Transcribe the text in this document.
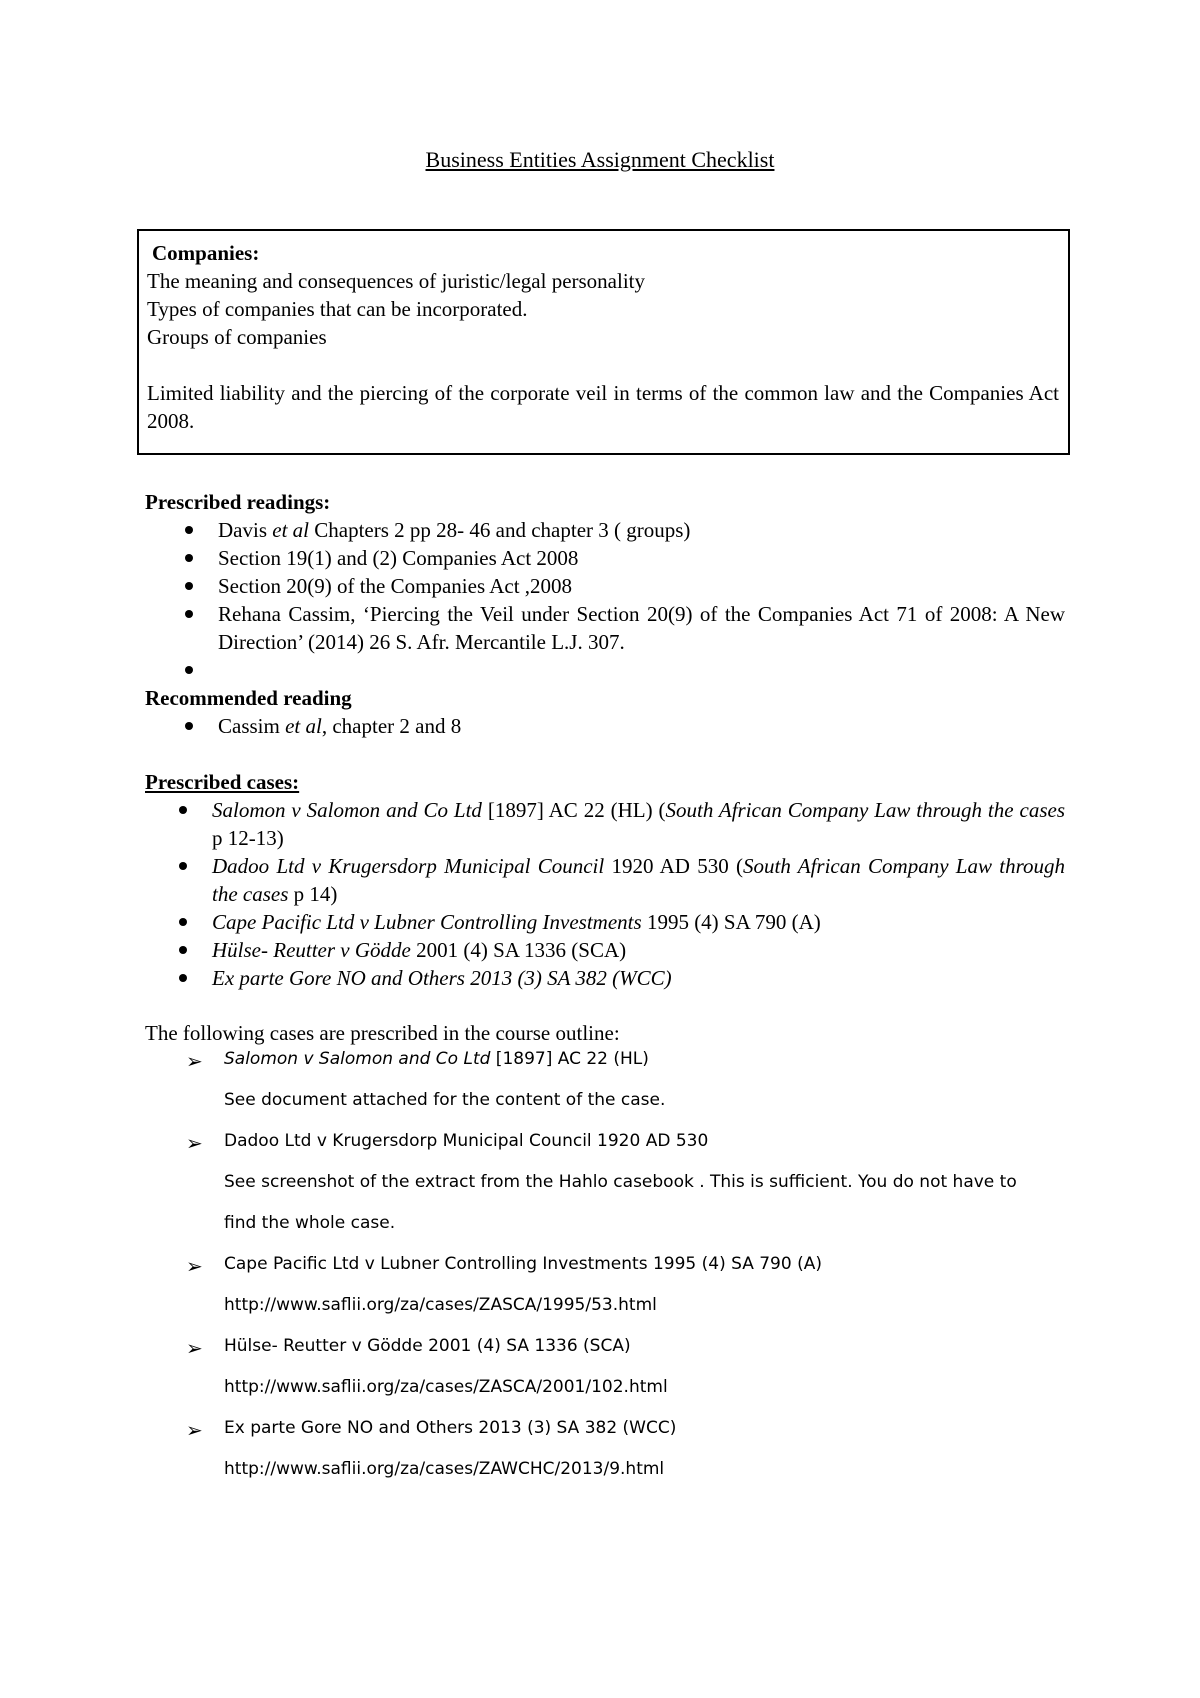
Business Entities Assignment Checklist
Companies:
The meaning and consequences of juristic/legal personality
Types of companies that can be incorporated.
Groups of companies
Limited liability and the piercing of the corporate veil in terms of the common law and the Companies Act 2008.
Prescribed readings:
Davis et al Chapters 2 pp 28- 46 and chapter 3 ( groups)
Section 19(1) and (2) Companies Act 2008
Section 20(9) of the Companies Act ,2008
Rehana Cassim, ‘Piercing the Veil under Section 20(9) of the Companies Act 71 of 2008: A New Direction’ (2014) 26 S. Afr. Mercantile L.J. 307.

Recommended reading
Cassim et al, chapter 2 and 8
Prescribed cases:
Salomon v Salomon and Co Ltd [1897] AC 22 (HL) (South African Company Law through the cases p 12-13)
Dadoo Ltd v Krugersdorp Municipal Council 1920 AD 530 (South African Company Law through the cases p 14)
Cape Pacific Ltd v Lubner Controlling Investments 1995 (4) SA 790 (A)
Hülse- Reutter v Gödde 2001 (4) SA 1336 (SCA)
Ex parte Gore NO and Others 2013 (3) SA 382 (WCC)
The following cases are prescribed in the course outline:
➢ Salomon v Salomon and Co Ltd [1897] AC 22 (HL)
See document attached for the content of the case.
➢ Dadoo Ltd v Krugersdorp Municipal Council 1920 AD 530
See screenshot of the extract from the Hahlo casebook . This is sufficient. You do not have to
find the whole case.
➢ Cape Pacific Ltd v Lubner Controlling Investments 1995 (4) SA 790 (A)
http://www.saflii.org/za/cases/ZASCA/1995/53.html
➢ Hülse- Reutter v Gödde 2001 (4) SA 1336 (SCA)
http://www.saflii.org/za/cases/ZASCA/2001/102.html
➢ Ex parte Gore NO and Others 2013 (3) SA 382 (WCC)
http://www.saflii.org/za/cases/ZAWCHC/2013/9.html
